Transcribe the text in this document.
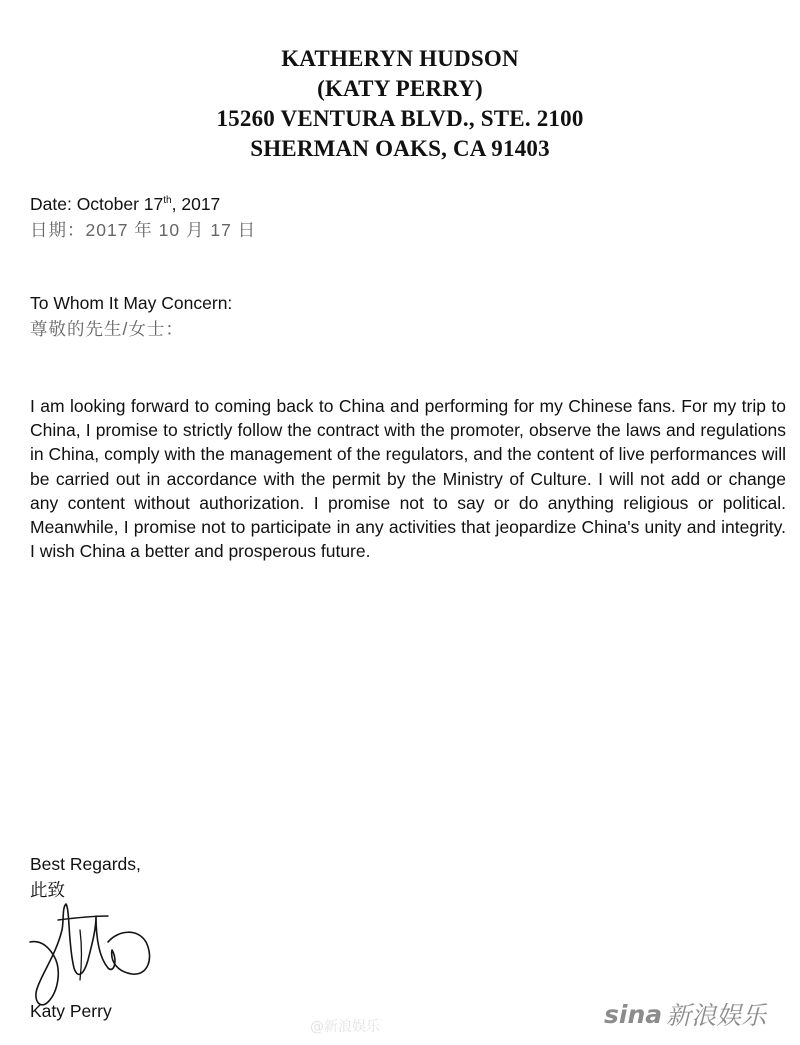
KATHERYN HUDSON
(KATY PERRY)
15260 VENTURA BLVD., STE. 2100
SHERMAN OAKS, CA 91403
Date: October 17th, 2017
日期：2017 年 10 月 17 日
To Whom It May Concern:
尊敬的先生/女士：
I am looking forward to coming back to China and performing for my Chinese fans. For my trip to China, I promise to strictly follow the contract with the promoter, observe the laws and regulations in China, comply with the management of the regulators, and the content of live performances will be carried out in accordance with the permit by the Ministry of Culture. I will not add or change any content without authorization. I promise not to say or do anything religious or political. Meanwhile, I promise not to participate in any activities that jeopardize China's unity and integrity. I wish China a better and prosperous future.
Best Regards,
此致
Katy Perry
@新浪娱乐	sina 新浪娱乐
